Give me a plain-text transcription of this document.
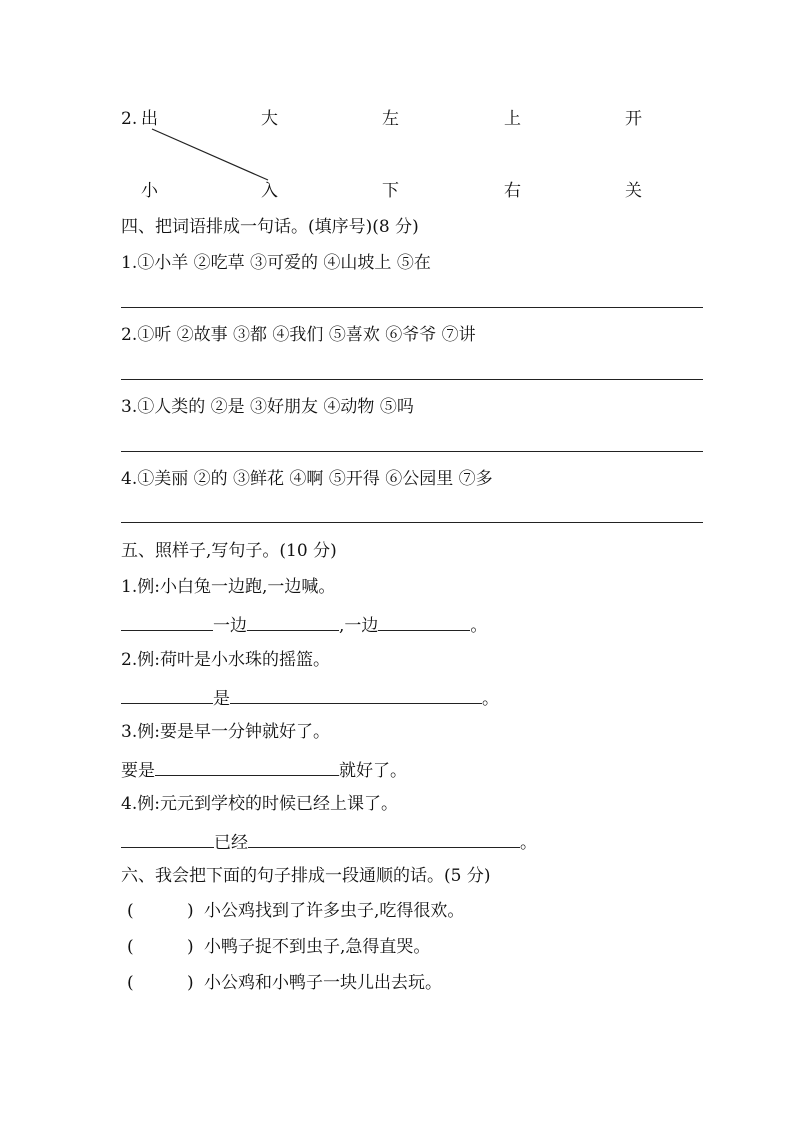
2. 出	大	左	上	开
小	入	下	右	关
四、把词语排成一句话。(填序号)(8 分)
1.①小羊 ②吃草 ③可爱的 ④山坡上 ⑤在
2.①听 ②故事 ③都 ④我们 ⑤喜欢 ⑥爷爷 ⑦讲
3.①人类的 ②是 ③好朋友 ④动物 ⑤吗
4.①美丽 ②的 ③鲜花 ④啊 ⑤开得 ⑥公园里 ⑦多
五、照样子,写句子。(10 分)
1.例:小白兔一边跑,一边喊。
一边	,一边	。
2.例:荷叶是小水珠的摇篮。
是	。
3.例:要是早一分钟就好了。
要是	就好了。
4.例:元元到学校的时候已经上课了。
已经	。
六、我会把下面的句子排成一段通顺的话。(5 分)
(	) 小公鸡找到了许多虫子,吃得很欢。
(	) 小鸭子捉不到虫子,急得直哭。
(	) 小公鸡和小鸭子一块儿出去玩。
